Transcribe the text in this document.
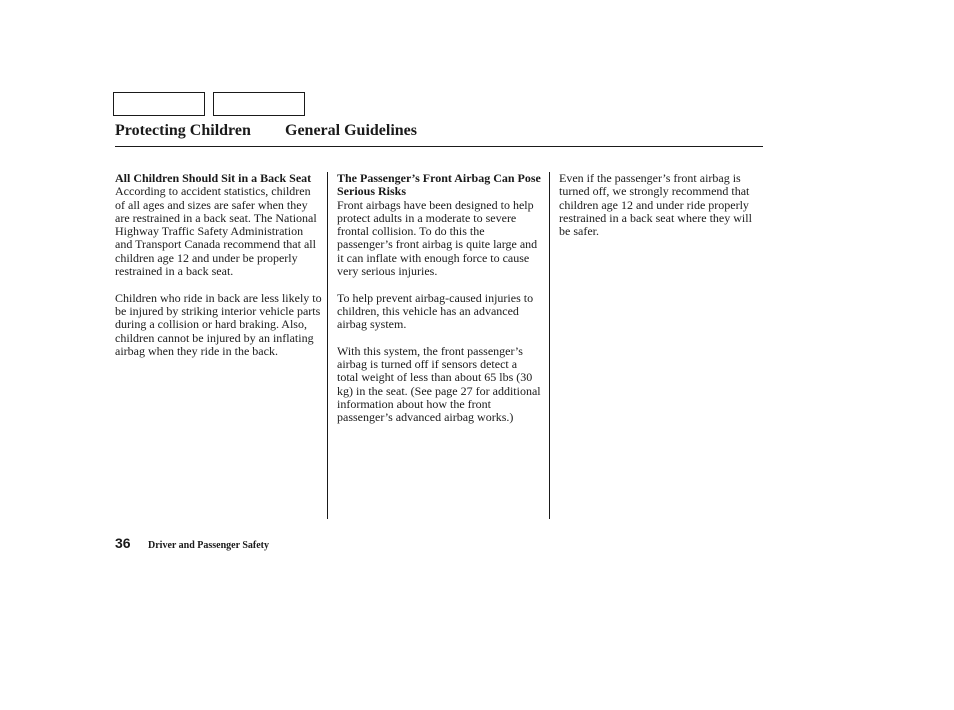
Protecting Children General Guidelines
All Children Should Sit in a Back Seat

According to accident statistics, children of all ages and sizes are safer when they are restrained in a back seat. The National Highway Traffic Safety Administration and Transport Canada recommend that all children age 12 and under be properly restrained in a back seat.

Children who ride in back are less likely to be injured by striking interior vehicle parts during a collision or hard braking. Also, children cannot be injured by an inflating airbag when they ride in the back.

The Passenger’s Front Airbag Can Pose Serious Risks

Front airbags have been designed to help protect adults in a moderate to severe frontal collision. To do this the passenger’s front airbag is quite large and it can inflate with enough force to cause very serious injuries.

To help prevent airbag-caused injuries to children, this vehicle has an advanced airbag system.

With this system, the front passenger’s airbag is turned off if sensors detect a total weight of less than about 65 lbs (30 kg) in the seat. (See page 27 for additional information about how the front passenger’s advanced airbag works.)

Even if the passenger’s front airbag is turned off, we strongly recommend that children age 12 and under ride properly restrained in a back seat where they will be safer.

36 Driver and Passenger Safety
